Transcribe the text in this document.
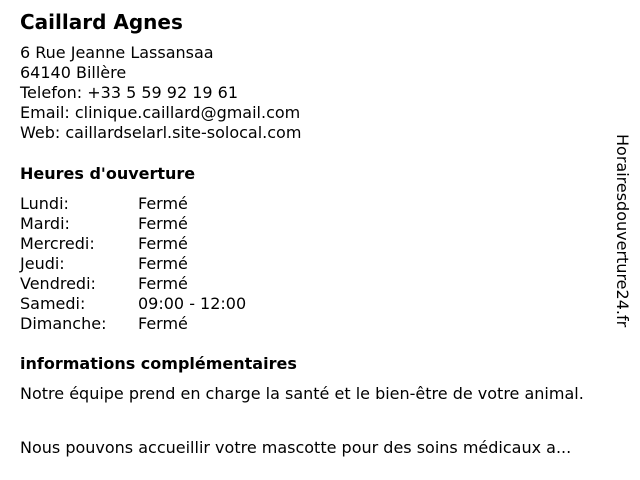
Caillard Agnes
6 Rue Jeanne Lassansaa
64140 Billère
Telefon: +33 5 59 92 19 61
Email: clinique.caillard@gmail.com
Web: caillardselarl.site-solocal.com
Heures d'ouverture
Lundi:	Fermé
Mardi:	Fermé
Mercredi:	Fermé
Jeudi:	Fermé
Vendredi:	Fermé
Samedi:	09:00 - 12:00
Dimanche:	Fermé
informations complémentaires
Notre équipe prend en charge la santé et le bien-être de votre animal.
Nous pouvons accueillir votre mascotte pour des soins médicaux a...
Horairesdouverture24.fr
